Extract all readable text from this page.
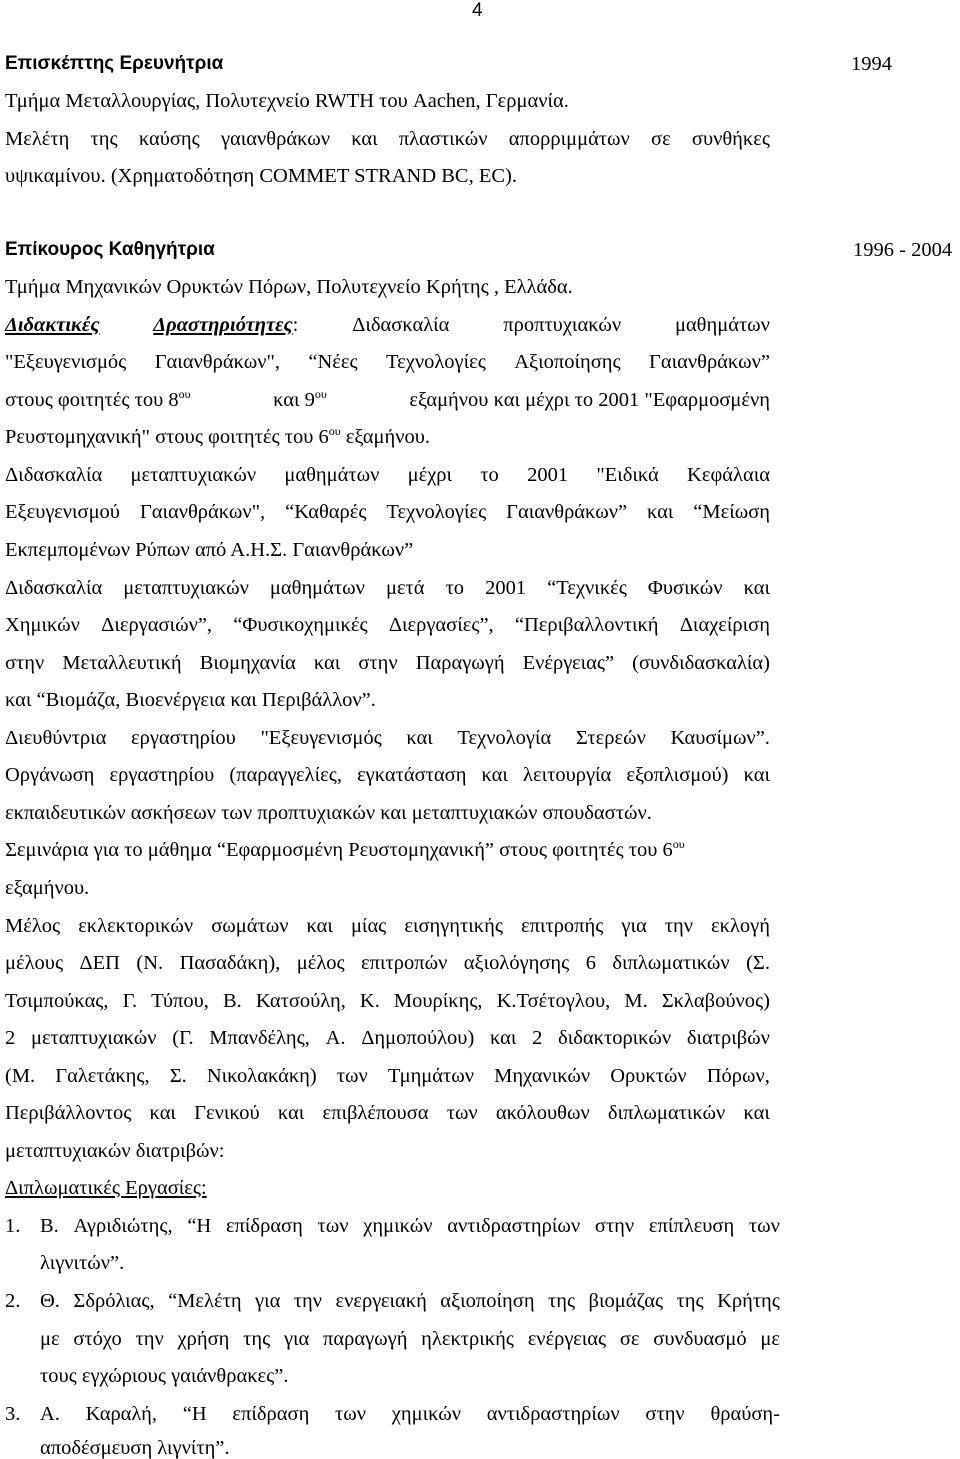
4
Επισκέπτης Ερευνήτρια	1994
Τμήμα Μεταλλουργίας, Πολυτεχνείο RWTH του Aachen, Γερμανία.
Μελέτη της καύσης γαιανθράκων και πλαστικών απορριμμάτων σε συνθήκες
υψικαμίνου. (Χρηματοδότηση COMMET STRAND BC, EC).
Επίκουρος Καθηγήτρια	1996 - 2004
Τμήμα Μηχανικών Ορυκτών Πόρων, Πολυτεχνείο Κρήτης , Ελλάδα.
Διδακτικές	Δραστηριότητες:	Διδασκαλία	προπτυχιακών	μαθημάτων
"Εξευγενισμός Γαιανθράκων", “Νέες Τεχνολογίες Αξιοποίησης Γαιανθράκων”
στους φοιτητές του $8^{o\upsilon}$	και $9^{o\upsilon}$	εξαμήνου και μέχρι το 2001 "Εφαρμοσμένη
Ρευστομηχανική" στους φοιτητές του $6^{o\upsilon}$ εξαμήνου.
Διδασκαλία μεταπτυχιακών μαθημάτων μέχρι το 2001 "Ειδικά Κεφάλαια
Εξευγενισμού Γαιανθράκων", “Καθαρές Τεχνολογίες Γαιανθράκων” και “Μείωση
Εκπεμπομένων Ρύπων από Α.Η.Σ. Γαιανθράκων”
Διδασκαλία μεταπτυχιακών μαθημάτων μετά το 2001 “Τεχνικές Φυσικών και
Χημικών Διεργασιών”, “Φυσικοχημικές Διεργασίες”, “Περιβαλλοντική Διαχείριση
στην Μεταλλευτική Βιομηχανία και στην Παραγωγή Ενέργειας” (συνδιδασκαλία)
και “Βιομάζα, Βιοενέργεια και Περιβάλλον”.
Διευθύντρια εργαστηρίου "Εξευγενισμός και Τεχνολογία Στερεών Καυσίμων”.
Οργάνωση εργαστηρίου (παραγγελίες, εγκατάσταση και λειτουργία εξοπλισμού) και
εκπαιδευτικών ασκήσεων των προπτυχιακών και μεταπτυχιακών σπουδαστών.
Σεμινάρια για το μάθημα “Εφαρμοσμένη Ρευστομηχανική” στους φοιτητές του $6^{o\upsilon}$
εξαμήνου.
Μέλος εκλεκτορικών σωμάτων και μίας εισηγητικής επιτροπής για την εκλογή
μέλους ΔΕΠ (Ν. Πασαδάκη), μέλος επιτροπών αξιολόγησης 6 διπλωματικών (Σ.
Τσιμπούκας, Γ. Τύπου, Β. Κατσούλη, Κ. Μουρίκης, Κ.Τσέτογλου, Μ. Σκλαβούνος)
2 μεταπτυχιακών (Γ. Μπανδέλης, Α. Δημοπούλου) και 2 διδακτορικών διατριβών
(Μ. Γαλετάκης, Σ. Νικολακάκη) των Τμημάτων Μηχανικών Ορυκτών Πόρων,
Περιβάλλοντος και Γενικού και επιβλέπουσα των ακόλουθων διπλωματικών και
μεταπτυχιακών διατριβών:
Διπλωματικές Εργασίες:
1. Β. Αγριδιώτης, “Η επίδραση των χημικών αντιδραστηρίων στην επίπλευση των
λιγνιτών”.
2. Θ. Σδρόλιας, “Μελέτη για την ενεργειακή αξιοποίηση της βιομάζας της Κρήτης
με στόχο την χρήση της για παραγωγή ηλεκτρικής ενέργειας σε συνδυασμό με
τους εγχώριους γαιάνθρακες”.
3. Α. Καραλή, “Η επίδραση των χημικών αντιδραστηρίων στην θραύση-
αποδέσμευση λιγνίτη”.
